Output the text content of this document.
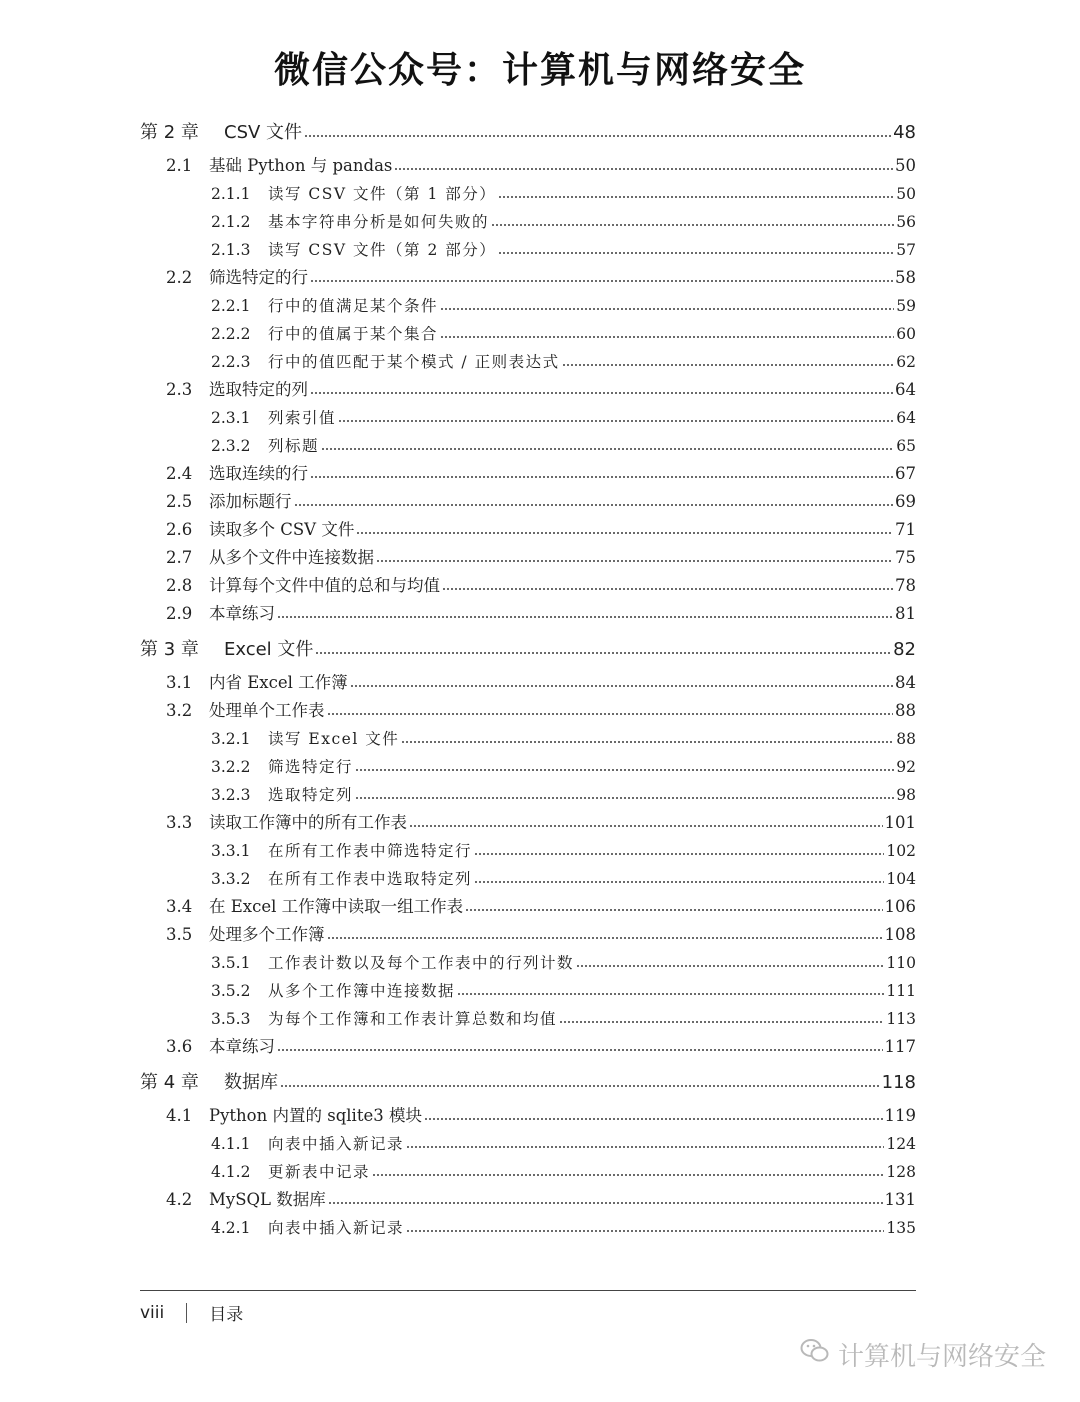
微信公众号：计算机与网络安全
第 2 章	CSV 文件	48
2.1	基础 Python 与 pandas	50
2.1.1	读写 CSV 文件（第 1 部分）	50
2.1.2	基本字符串分析是如何失败的	56
2.1.3	读写 CSV 文件（第 2 部分）	57
2.2	筛选特定的行	58
2.2.1	行中的值满足某个条件	59
2.2.2	行中的值属于某个集合	60
2.2.3	行中的值匹配于某个模式 / 正则表达式	62
2.3	选取特定的列	64
2.3.1	列索引值	64
2.3.2	列标题	65
2.4	选取连续的行	67
2.5	添加标题行	69
2.6	读取多个 CSV 文件	71
2.7	从多个文件中连接数据	75
2.8	计算每个文件中值的总和与均值	78
2.9	本章练习	81
第 3 章	Excel 文件	82
3.1	内省 Excel 工作簿	84
3.2	处理单个工作表	88
3.2.1	读写 Excel 文件	88
3.2.2	筛选特定行	92
3.2.3	选取特定列	98
3.3	读取工作簿中的所有工作表	101
3.3.1	在所有工作表中筛选特定行	102
3.3.2	在所有工作表中选取特定列	104
3.4	在 Excel 工作簿中读取一组工作表	106
3.5	处理多个工作簿	108
3.5.1	工作表计数以及每个工作表中的行列计数	110
3.5.2	从多个工作簿中连接数据	111
3.5.3	为每个工作簿和工作表计算总数和均值	113
3.6	本章练习	117
第 4 章	数据库	118
4.1	Python 内置的 sqlite3 模块	119
4.1.1	向表中插入新记录	124
4.1.2	更新表中记录	128
4.2	MySQL 数据库	131
4.2.1	向表中插入新记录	135
viii	目录
计算机与网络安全
